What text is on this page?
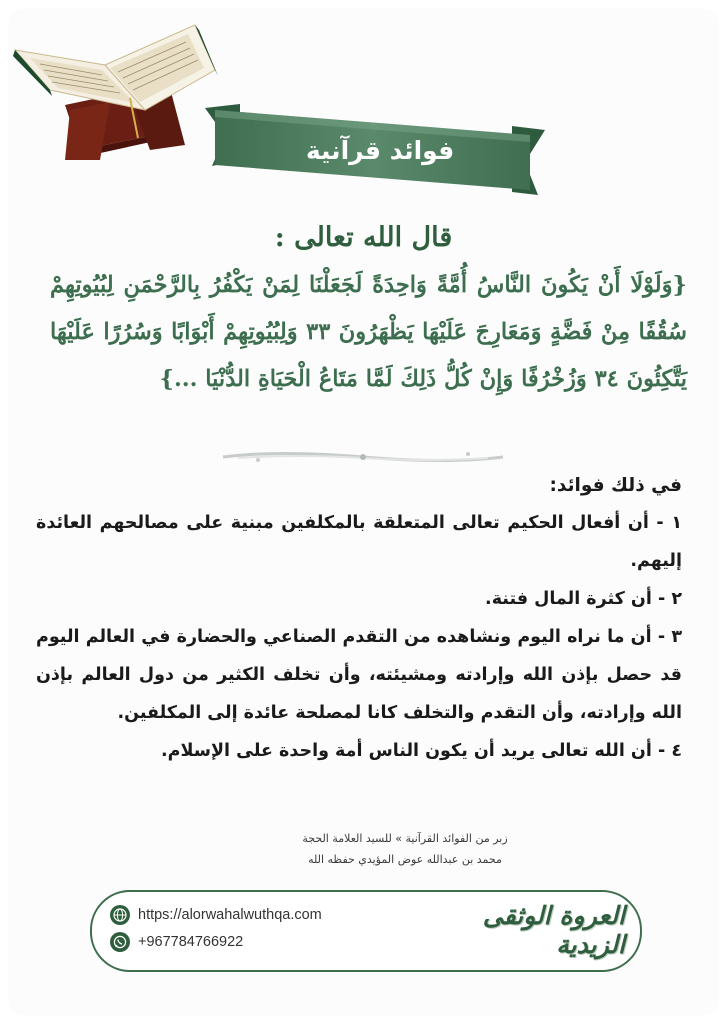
فوائد قرآنية
قال الله تعالى :
{وَلَوْلَا أَنْ يَكُونَ النَّاسُ أُمَّةً وَاحِدَةً لَجَعَلْنَا لِمَنْ يَكْفُرُ بِالرَّحْمَنِ لِبُيُوتِهِمْ
سُقُفًا مِنْ فَضَّةٍ وَمَعَارِجَ عَلَيْهَا يَظْهَرُونَ ٣٣ وَلِبُيُوتِهِمْ أَبْوَابًا وَسُرُرًا عَلَيْهَا
يَتَّكِئُونَ ٣٤ وَزُخْرُفًا وَإِنْ كُلُّ ذَلِكَ لَمَّا مَتَاعُ الْحَيَاةِ الدُّنْيَا ...}
في ذلك فوائد:
١ - أن أفعال الحكيم تعالى المتعلقة بالمكلفين مبنية على مصالحهم العائدة إليهم.
٢ - أن كثرة المال فتنة.
٣ - أن ما نراه اليوم ونشاهده من التقدم الصناعي والحضارة في العالم اليوم قد حصل بإذن الله وإرادته ومشيئته، وأن تخلف الكثير من دول العالم بإذن الله وإرادته، وأن التقدم والتخلف كانا لمصلحة عائدة إلى المكلفين.
٤ - أن الله تعالى يريد أن يكون الناس أمة واحدة على الإسلام.
زبر من الفوائد القرآنية » للسيد العلامة الحجة
محمد بن عبدالله عوض المؤيدي حفظه الله
https://alorwahalwuthqa.com
+967784766922
العروة الوثقى الزيدية
